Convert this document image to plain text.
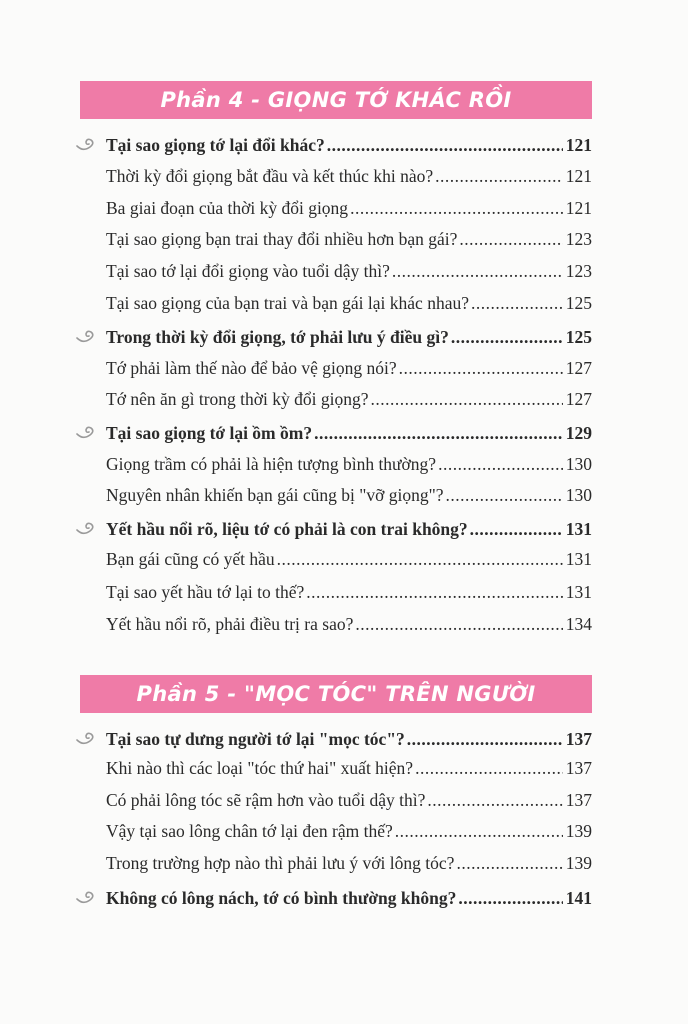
Phần 4 - GIỌNG TỚ KHÁC RỒI
Tại sao giọng tớ lại đổi khác? .....	121
Thời kỳ đổi giọng bắt đầu và kết thúc khi nào? .....	121
Ba giai đoạn của thời kỳ đổi giọng .....	121
Tại sao giọng bạn trai thay đổi nhiều hơn bạn gái? .....	123
Tại sao tớ lại đổi giọng vào tuổi dậy thì? .....	123
Tại sao giọng của bạn trai và bạn gái lại khác nhau? .....	125
Trong thời kỳ đổi giọng, tớ phải lưu ý điều gì? .....	125
Tớ phải làm thế nào để bảo vệ giọng nói? .....	127
Tớ nên ăn gì trong thời kỳ đổi giọng? .....	127
Tại sao giọng tớ lại ồm ồm? .....	129
Giọng trầm có phải là hiện tượng bình thường? .....	130
Nguyên nhân khiến bạn gái cũng bị "vỡ giọng"? .....	130
Yết hầu nổi rõ, liệu tớ có phải là con trai không? .....	131
Bạn gái cũng có yết hầu .....	131
Tại sao yết hầu tớ lại to thế? .....	131
Yết hầu nổi rõ, phải điều trị ra sao? .....	134
Phần 5 - "MỌC TÓC" TRÊN NGƯỜI
Tại sao tự dưng người tớ lại "mọc tóc"? .....	137
Khi nào thì các loại "tóc thứ hai" xuất hiện? .....	137
Có phải lông tóc sẽ rậm hơn vào tuổi dậy thì? .....	137
Vậy tại sao lông chân tớ lại đen rậm thế? .....	139
Trong trường hợp nào thì phải lưu ý với lông tóc? .....	139
Không có lông nách, tớ có bình thường không? .....	141
